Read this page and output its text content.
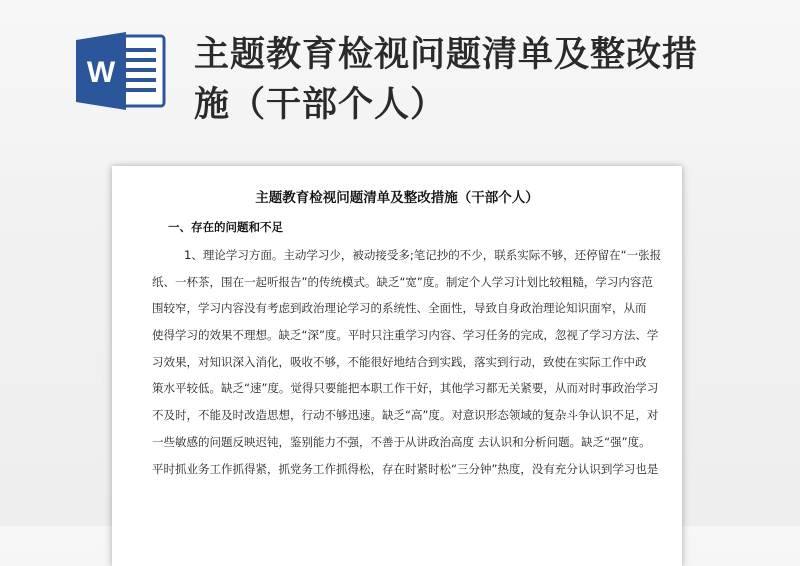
W 主题教育检视问题清单及整改措
施（干部个人）
主题教育检视问题清单及整改措施（干部个人）
一、存在的问题和不足
1、理论学习方面。主动学习少，被动接受多;笔记抄的不少，联系实际不够，还停留在“一张报
纸、一杯茶，围在一起听报告”的传统模式。缺乏“宽”度。制定个人学习计划比较粗糙，学习内容范
围较窄，学习内容没有考虑到政治理论学习的系统性、全面性，导致自身政治理论知识面窄，从而
使得学习的效果不理想。缺乏“深”度。平时只注重学习内容、学习任务的完成，忽视了学习方法、学
习效果，对知识深入消化，吸收不够，不能很好地结合到实践，落实到行动，致使在实际工作中政
策水平较低。缺乏“速”度。觉得只要能把本职工作干好，其他学习都无关紧要，从而对时事政治学习
不及时，不能及时改造思想，行动不够迅速。缺乏“高”度。对意识形态领域的复杂斗争认识不足，对
一些敏感的问题反映迟钝，鉴别能力不强，不善于从讲政治高度 去认识和分析问题。缺乏“强”度。
平时抓业务工作抓得紧，抓党务工作抓得松，存在时紧时松“三分钟”热度，没有充分认识到学习也是
